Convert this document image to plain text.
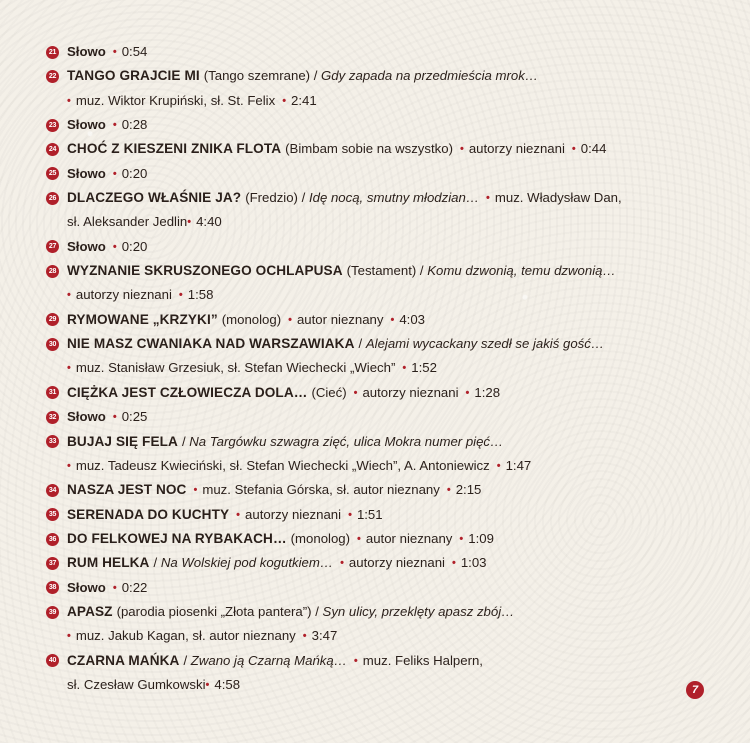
21 Słowo • 0:54
22 TANGO GRAJCIE MI (Tango szemrane) /
Gdy zapada na przedmieścia mrok…
• muz. Wiktor Krupiński, sł. St. Felix • 2:41
23 Słowo • 0:28
24 CHOĆ Z KIESZENI ZNIKA FLOTA (Bimbam sobie na wszystko) • autorzy nieznani • 0:44
25 Słowo • 0:20
26 DLACZEGO WŁAŚNIE JA? (Fredzio) /
Idę nocą, smutny młodzian… • muz. Władysław Dan,
sł. Aleksander Jedlin • 4:40
27 Słowo • 0:20
28 WYZNANIE SKRUSZONEGO OCHLAPUSA (Testament) /
Komu dzwonią, temu dzwonią…
• autorzy nieznani • 1:58
29 RYMOWANE „KRZYKI” (monolog) • autor nieznany • 4:03
30 NIE MASZ CWANIAKA NAD WARSZAWIAKA /
Alejami wycackany szedł se jakiś gość…
• muz. Stanisław Grzesiuk, sł. Stefan Wiechecki „Wiech” • 1:52
31 CIĘŻKA JEST CZŁOWIECZA DOLA… (Cieć) • autorzy nieznani • 1:28
32 Słowo • 0:25
33 BUJAJ SIĘ FELA /
Na Targówku szwagra zięć, ulica Mokra numer pięć…
• muz. Tadeusz Kwieciński, sł. Stefan Wiechecki „Wiech”, A. Antoniewicz • 1:47
34 NASZA JEST NOC • muz. Stefania Górska, sł. autor nieznany • 2:15
35 SERENADA DO KUCHTY • autorzy nieznani • 1:51
36 DO FELKOWEJ NA RYBAKACH… (monolog) • autor nieznany • 1:09
37 RUM HELKA /
Na Wolskiej pod kogutkiem… • autorzy nieznani • 1:03
38 Słowo • 0:22
39 APASZ (parodia piosenki „Złota pantera”) /
Syn ulicy, przeklęty apasz zbój…
• muz. Jakub Kagan, sł. autor nieznany • 3:47
40 CZARNA MAŃKA /
Zwano ją Czarną Mańką… • muz. Feliks Halpern,
sł. Czesław Gumkowski • 4:58	7
